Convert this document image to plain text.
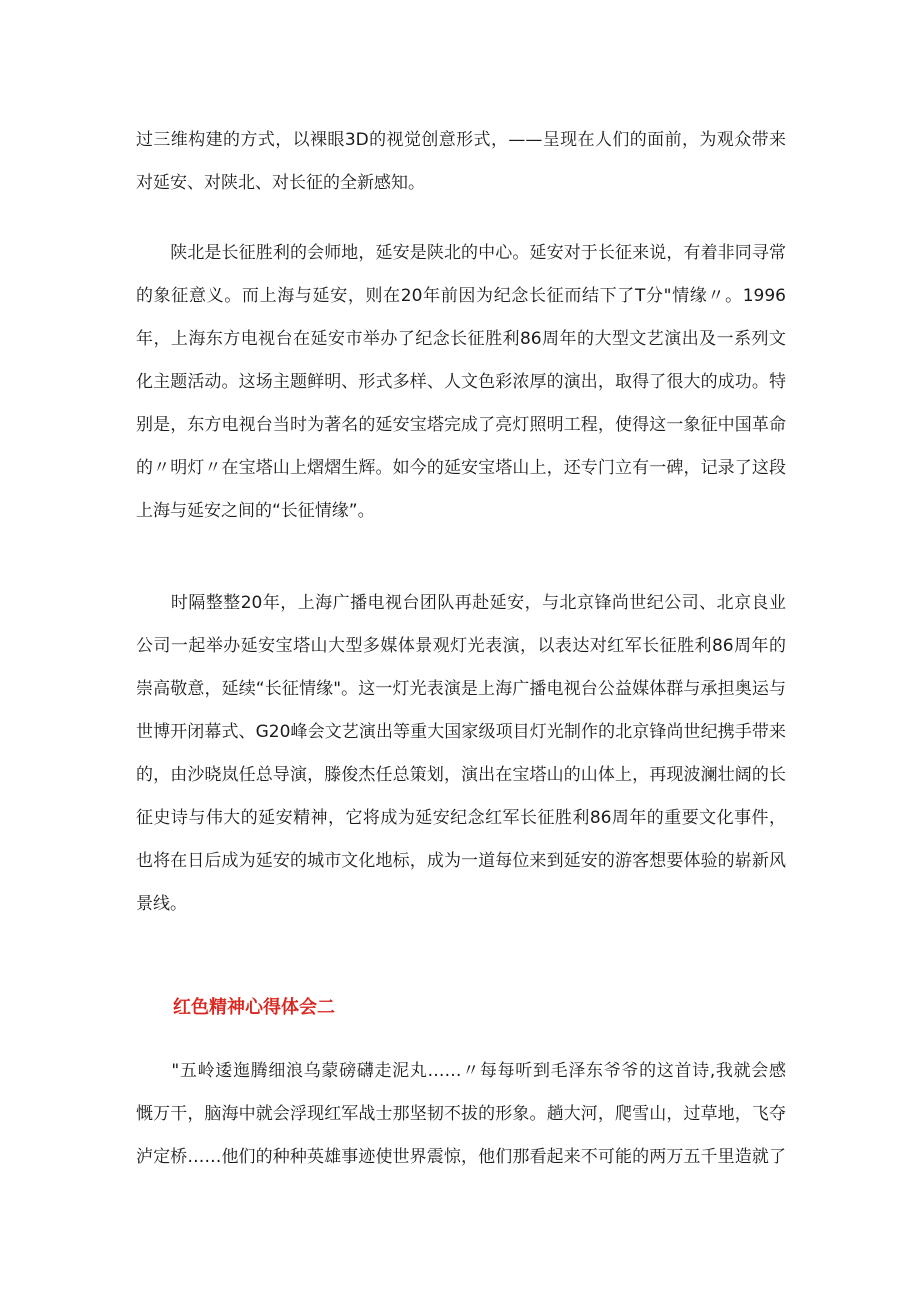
过三维构建的方式，以裸眼3D的视觉创意形式，——呈现在人们的面前，为观众带来
对延安、对陕北、对长征的全新感知。

　　陕北是长征胜利的会师地，延安是陕北的中心。延安对于长征来说，有着非同寻常
的象征意义。而上海与延安，则在20年前因为纪念长征而结下了T分"情缘〃。1996
年，上海东方电视台在延安市举办了纪念长征胜利86周年的大型文艺演出及一系列文
化主题活动。这场主题鲜明、形式多样、人文色彩浓厚的演出，取得了很大的成功。特
别是，东方电视台当时为著名的延安宝塔完成了亮灯照明工程，使得这一象征中国革命
的〃明灯〃在宝塔山上熠熠生辉。如今的延安宝塔山上，还专门立有一碑，记录了这段
上海与延安之间的“长征情缘”。

　　时隔整整20年，上海广播电视台团队再赴延安，与北京锋尚世纪公司、北京良业
公司一起举办延安宝塔山大型多媒体景观灯光表演，以表达对红军长征胜利86周年的
崇高敬意，延续“长征情缘"。这一灯光表演是上海广播电视台公益媒体群与承担奥运与
世博开闭幕式、G20峰会文艺演出等重大国家级项目灯光制作的北京锋尚世纪携手带来
的，由沙晓岚任总导演，滕俊杰任总策划，演出在宝塔山的山体上，再现波澜壮阔的长
征史诗与伟大的延安精神，它将成为延安纪念红军长征胜利86周年的重要文化事件，
也将在日后成为延安的城市文化地标，成为一道每位来到延安的游客想要体验的崭新风
景线。

红色精神心得体会二

　　"五岭逶迤腾细浪乌蒙磅礴走泥丸……〃每每听到毛泽东爷爷的这首诗,我就会感
慨万干，脑海中就会浮现红军战士那坚韧不拔的形象。趟大河，爬雪山，过草地，飞夺
泸定桥……他们的种种英雄事迹使世界震惊，他们那看起来不可能的两万五千里造就了
